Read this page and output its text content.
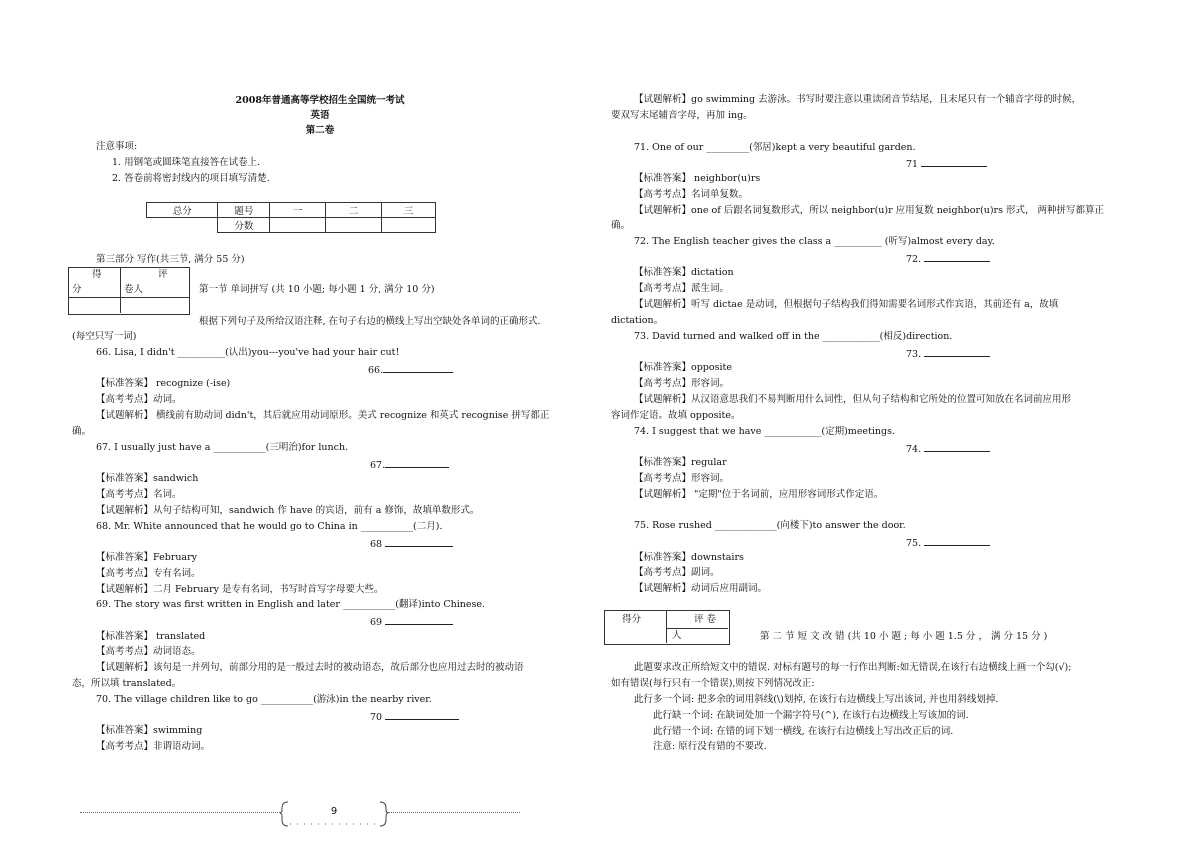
2008年普通高等学校招生全国统一考试
英语
第二卷
注意事项:
1. 用钢笔或圆珠笔直接答在试卷上.
2. 答卷前将密封线内的项目填写清楚.
总分	题号	一	二	三
	分数			
第三部分 写作(共三节, 满分 55 分)
得
分
评
卷人	第一节 单词拼写 (共 10 小题; 每小题 1 分, 满分 10 分)
根据下列句子及所给汉语注释, 在句子右边的横线上写出空缺处各单词的正确形式.
(每空只写一词)
66. Lisa, I didn't __________(认出)you---you've had your hair cut!
66.
【标准答案】 recognize (-ise)
【高考考点】动词。
【试题解析】 横线前有助动词 didn't，其后就应用动词原形。美式 recognize 和英式 recognise 拼写都正
确。
67. I usually just have a ___________(三明治)for lunch.
67.
【标准答案】sandwich
【高考考点】名词。
【试题解析】从句子结构可知，sandwich 作 have 的宾语，前有 a 修饰，故填单数形式。
68. Mr. White announced that he would go to China in ___________(二月).
68
【标准答案】February
【高考考点】专有名词。
【试题解析】二月 February 是专有名词，书写时首写字母要大些。
69. The story was first written in English and later ___________(翻译)into Chinese.
69
【标准答案】 translated
【高考考点】动词语态。
【试题解析】该句是一并列句，前部分用的是一般过去时的被动语态，故后部分也应用过去时的被动语
态，所以填 translated。
70. The village children like to go ___________(游泳)in the nearby river.
70
【标准答案】swimming
【高考考点】非谓语动词。
【试题解析】go swimming 去游泳。书写时要注意以重读闭音节结尾，且末尾只有一个辅音字母的时候，
要双写末尾辅音字母，再加 ing。
71. One of our _________(邻居)kept a very beautiful garden.
71
【标准答案】 neighbor(u)rs
【高考考点】名词单复数。
【试题解析】one of 后跟名词复数形式，所以 neighbor(u)r 应用复数 neighbor(u)rs 形式， 两种拼写都算正
确。
72. The English teacher gives the class a __________ (听写)almost every day.
72.
【标准答案】dictation
【高考考点】派生词。
【试题解析】听写 dictae 是动词，但根据句子结构我们得知需要名词形式作宾语，其前还有 a，故填
dictation。
73. David turned and walked off in the ____________(相反)direction.
73.
【标准答案】opposite
【高考考点】形容词。
【试题解析】从汉语意思我们不易判断用什么词性，但从句子结构和它所处的位置可知放在名词前应用形
容词作定语。故填 opposite。
74. I suggest that we have ____________(定期)meetings.
74.
【标准答案】regular
【高考考点】形容词。
【试题解析】 "定期"位于名词前，应用形容词形式作定语。
75. Rose rushed _____________(向楼下)to answer the door.
75.
【标准答案】downstairs
【高考考点】副词。
【试题解析】动词后应用副词。
得分	评 卷
人	第 二 节 短 文 改 错 (共 10 小 题 ; 每 小 题 1.5 分 ， 满 分 15 分 )
此题要求改正所给短文中的错误. 对标有题号的每一行作出判断:如无错误,在该行右边横线上画一个勾(√);
如有错误(每行只有一个错误),则按下列情况改正:
此行多一个词: 把多余的词用斜线(\)划掉, 在该行右边横线上写出该词, 并也用斜线划掉.
此行缺一个词: 在缺词处加一个漏字符号(^), 在该行右边横线上写该加的词.
此行错一个词: 在错的词下划一横线, 在该行右边横线上写出改正后的词.
注意: 原行没有错的不要改.
9
